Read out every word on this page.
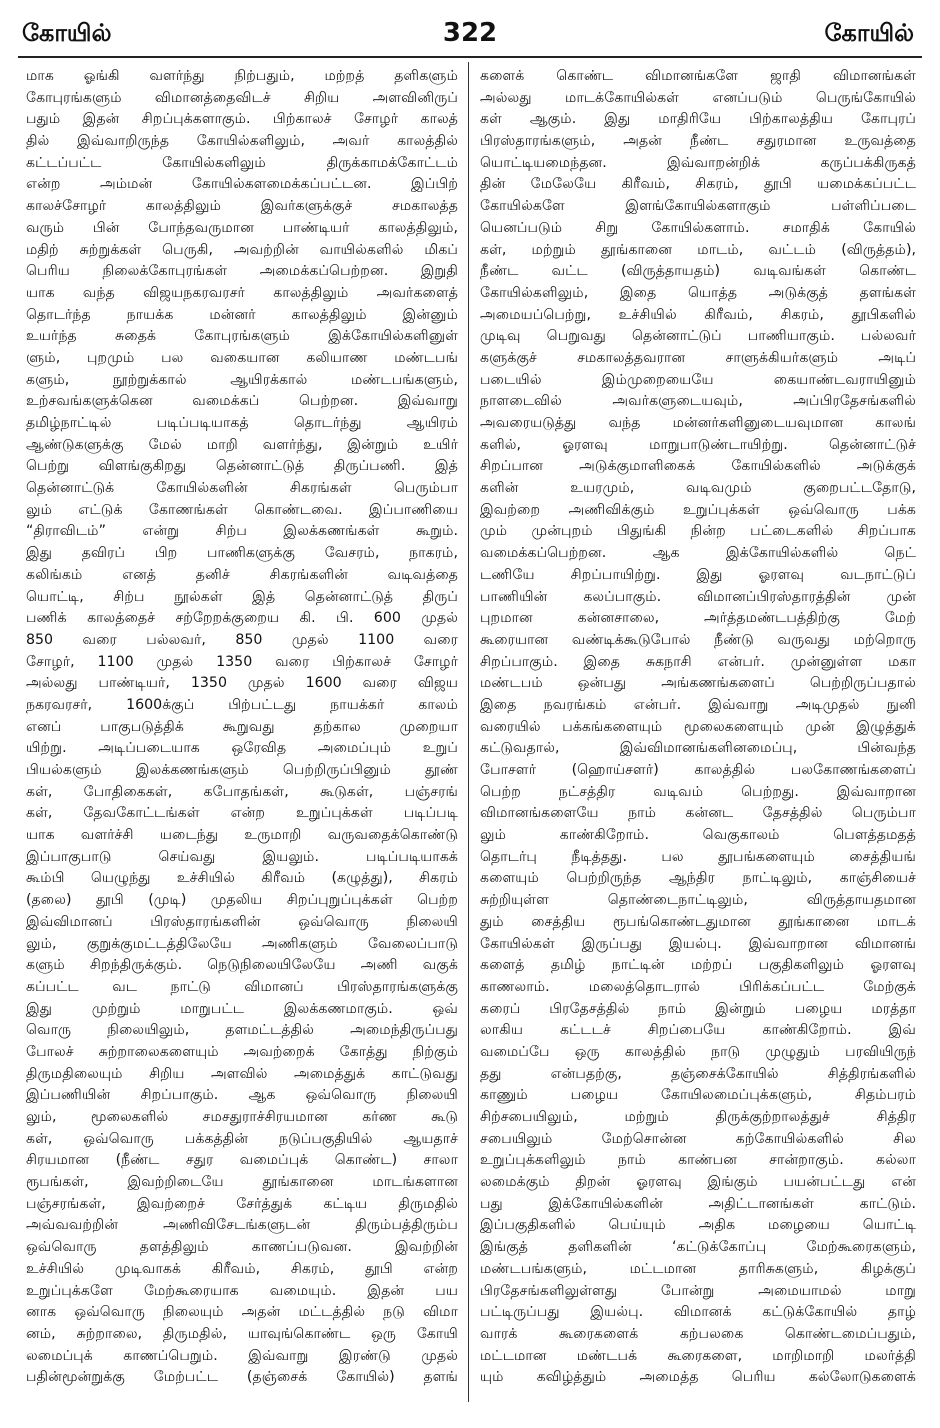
கோயில்	322	கோயில்
மாக ஓங்கி வளர்ந்து நிற்பதும், மற்றத் தளிகளும்
கோபுரங்களும் விமானத்தைவிடச் சிறிய அளவினிருப்
பதும் இதன் சிறப்புக்களாகும். பிற்காலச் சோழர் காலத்
தில் இவ்வாறிருந்த கோயில்களிலும், அவர் காலத்தில்
கட்டப்பட்ட கோயில்களிலும் திருக்காமக்கோட்டம்
என்ற அம்மன் கோயில்களமைக்கப்பட்டன. இப்பிற்
காலச்சோழர் காலத்திலும் இவர்களுக்குச் சமகாலத்த
வரும் பின் போந்தவருமான பாண்டியர் காலத்திலும்,
மதிற் சுற்றுக்கள் பெருகி, அவற்றின் வாயில்களில் மிகப்
பெரிய நிலைக்கோபுரங்கள் அமைக்கப்பெற்றன. இறுதி
யாக வந்த விஜயநகரவரசர் காலத்திலும் அவர்களைத்
தொடர்ந்த நாயக்க மன்னர் காலத்திலும் இன்னும்
உயர்ந்த சுதைக் கோபுரங்களும் இக்கோயில்களினுள்
ளும், புறமும் பல வகையான கலியாண மண்டபங்
களும், நூற்றுக்கால் ஆயிரக்கால் மண்டபங்களும்,
உற்சவங்களுக்கென வமைக்கப் பெற்றன. இவ்வாறு
தமிழ்நாட்டில் படிப்படியாகத் தொடர்ந்து ஆயிரம்
ஆண்டுகளுக்கு மேல் மாறி வளர்ந்து, இன்றும் உயிர்
பெற்று விளங்குகிறது தென்னாட்டுத் திருப்பணி. இத்
தென்னாட்டுக் கோயில்களின் சிகரங்கள் பெரும்பா
லும் எட்டுக் கோணங்கள் கொண்டவை. இப்பாணியை
“திராவிடம்” என்று சிற்ப இலக்கணங்கள் கூறும்.
இது தவிரப் பிற பாணிகளுக்கு வேசரம், நாகரம்,
கலிங்கம் எனத் தனிச் சிகரங்களின் வடிவத்தை
யொட்டி, சிற்ப நூல்கள் இத் தென்னாட்டுத் திருப்
பணிக் காலத்தைச் சற்றேறக்குறைய கி. பி. 600 முதல்
850 வரை பல்லவர், 850 முதல் 1100 வரை
சோழர், 1100 முதல் 1350 வரை பிற்காலச் சோழர்
அல்லது பாண்டியர், 1350 முதல் 1600 வரை விஜய
நகரவரசர், 1600க்குப் பிற்பட்டது நாயக்கர் காலம்
எனப் பாகுபடுத்திக் கூறுவது தற்கால முறையா
யிற்று. அடிப்படையாக ஒரேவித அமைப்பும் உறுப்
பியல்களும் இலக்கணங்களும் பெற்றிருப்பினும் தூண்
கள், போதிகைகள், கபோதங்கள், கூடுகள், பஞ்சரங்
கள், தேவகோட்டங்கள் என்ற உறுப்புக்கள் படிப்படி
யாக வளர்ச்சி யடைந்து உருமாறி வருவதைக்கொண்டு
இப்பாகுபாடு செய்வது இயலும். படிப்படியாகக்
கூம்பி யெழுந்து உச்சியில் கிரீவம் (கழுத்து), சிகரம்
(தலை) தூபி (முடி) முதலிய சிறப்புறுப்புக்கள் பெற்ற
இவ்விமானப் பிரஸ்தாரங்களின் ஒவ்வொரு நிலையி
லும், குறுக்குமட்டத்திலேயே அணிகளும் வேலைப்பாடு
களும் சிறந்திருக்கும். நெடுநிலையிலேயே அணி வகுக்
கப்பட்ட வட நாட்டு விமானப் பிரஸ்தாரங்களுக்கு
இது முற்றும் மாறுபட்ட இலக்கணமாகும். ஒவ்
வொரு நிலையிலும், தளமட்டத்தில் அமைந்திருப்பது
போலச் சுற்றாலைகளையும் அவற்றைக் கோத்து நிற்கும்
திருமதிலையும் சிறிய அளவில் அமைத்துக் காட்டுவது
இப்பணியின் சிறப்பாகும். ஆக ஒவ்வொரு நிலையி
லும், மூலைகளில் சமசதுராச்சிரயமான கர்ண கூடு
கள், ஒவ்வொரு பக்கத்தின் நடுப்பகுதியில் ஆயதாச்
சிரயமான (நீண்ட சதுர வமைப்புக் கொண்ட) சாலா
ரூபங்கள், இவற்றிடையே தூங்கானை மாடங்களான
பஞ்சரங்கள், இவற்றைச் சேர்த்துக் கட்டிய திருமதில்
அவ்வவற்றின் அணிவிசேடங்களுடன் திரும்பத்திரும்ப
ஒவ்வொரு தளத்திலும் காணப்படுவன. இவற்றின்
உச்சியில் முடிவாகக் கிரீவம், சிகரம், தூபி என்ற
உறுப்புக்களே மேற்கூரையாக வமையும். இதன் பய
னாக ஒவ்வொரு நிலையும் அதன் மட்டத்தில் நடு விமா
னம், சுற்றாலை, திருமதில், யாவுங்கொண்ட ஒரு கோயி
லமைப்புக் காணப்பெறும். இவ்வாறு இரண்டு முதல்
பதின்மூன்றுக்கு மேற்பட்ட (தஞ்சைக் கோயில்) தளங்
களைக் கொண்ட விமானங்களே ஜாதி விமானங்கள்
அல்லது மாடக்கோயில்கள் எனப்படும் பெருங்கோயில்
கள் ஆகும். இது மாதிரியே பிற்காலத்திய கோபுரப்
பிரஸ்தாரங்களும், அதன் நீண்ட சதுரமான உருவத்தை
யொட்டியமைந்தன. இவ்வாறன்றிக் கருப்பக்கிருகத்
தின் மேலேயே கிரீவம், சிகரம், தூபி யமைக்கப்பட்ட
கோயில்களே இளங்கோயில்களாகும் பள்ளிப்படை
யெனப்படும் சிறு கோயில்களாம். சமாதிக் கோயில்
கள், மற்றும் தூங்கானை மாடம், வட்டம் (விருத்தம்),
நீண்ட வட்ட (விருத்தாயதம்) வடிவங்கள் கொண்ட
கோயில்களிலும், இதை யொத்த அடுக்குத் தளங்கள்
அமையப்பெற்று, உச்சியில் கிரீவம், சிகரம், தூபிகளில்
முடிவு பெறுவது தென்னாட்டுப் பாணியாகும். பல்லவர்
களுக்குச் சமகாலத்தவரான சாளுக்கியர்களும் அடிப்
படையில் இம்முறையையே கையாண்டவராயினும்
நாளடைவில் அவர்களுடையவும், அப்பிரதேசங்களில்
அவரையடுத்து வந்த மன்னர்களினுடையவுமான காலங்
களில், ஓரளவு மாறுபாடுண்டாயிற்று. தென்னாட்டுச்
சிறப்பான அடுக்குமாளிகைக் கோயில்களில் அடுக்குக்
களின் உயரமும், வடிவமும் குறைபட்டதோடு,
இவற்றை அணிவிக்கும் உறுப்புக்கள் ஒவ்வொரு பக்க
மும் முன்புறம் பிதுங்கி நின்ற பட்டைகளில் சிறப்பாக
வமைக்கப்பெற்றன. ஆக இக்கோயில்களில் நெட்
டணியே சிறப்பாயிற்று. இது ஓரளவு வடநாட்டுப்
பாணியின் கலப்பாகும். விமானப்பிரஸ்தாரத்தின் முன்
புறமான கன்னசாலை, அர்த்தமண்டபத்திற்கு மேற்
கூரையான வண்டிக்கூடுபோல் நீண்டு வருவது மற்றொரு
சிறப்பாகும். இதை சுகநாசி என்பர். முன்னுள்ள மகா
மண்டபம் ஒன்பது அங்கணங்களைப் பெற்றிருப்பதால்
இதை நவரங்கம் என்பர். இவ்வாறு அடிமுதல் நுனி
வரையில் பக்கங்களையும் மூலைகளையும் முன் இழுத்துக்
கட்டுவதால், இவ்விமானங்களினமைப்பு, பின்வந்த
போசளர் (ஹொய்சளர்) காலத்தில் பலகோணங்களைப்
பெற்ற நட்சத்திர வடிவம் பெற்றது. இவ்வாறான
விமானங்களையே நாம் கன்னட தேசத்தில் பெரும்பா
லும் காண்கிறோம். வெகுகாலம் பௌத்தமதத்
தொடர்பு நீடித்தது. பல தூபங்களையும் சைத்தியங்
களையும் பெற்றிருந்த ஆந்திர நாட்டிலும், காஞ்சியைச்
சுற்றியுள்ள தொண்டைநாட்டிலும், விருத்தாயதமான
தும் சைத்திய ரூபங்கொண்டதுமான தூங்கானை மாடக்
கோயில்கள் இருப்பது இயல்பு. இவ்வாறான விமானங்
களைத் தமிழ் நாட்டின் மற்றப் பகுதிகளிலும் ஓரளவு
காணலாம். மலைத்தொடரால் பிரிக்கப்பட்ட மேற்குக்
கரைப் பிரதேசத்தில் நாம் இன்றும் பழைய மரத்தா
லாகிய கட்டடச் சிறப்பையே காண்கிறோம். இவ்
வமைப்பே ஒரு காலத்தில் நாடு முழுதும் பரவியிருந்
தது என்பதற்கு, தஞ்சைக்கோயில் சித்திரங்களில்
காணும் பழைய கோயிலமைப்புக்களும், சிதம்பரம்
சிற்சபையிலும், மற்றும் திருக்குற்றாலத்துச் சித்திர
சபையிலும் மேற்சொன்ன கற்கோயில்களில் சில
உறுப்புக்களிலும் நாம் காண்பன சான்றாகும். கல்லா
லமைக்கும் திறன் ஓரளவு இங்கும் பயன்பட்டது என்
பது இக்கோயில்களின் அதிட்டானங்கள் காட்டும்.
இப்பகுதிகளில் பெய்யும் அதிக மழையை யொட்டி
இங்குத் தளிகளின் ‘கட்டுக்கோப்பு மேற்கூரைகளும்,
மண்டபங்களும், மட்டமான தாரிசுகளும், கிழக்குப்
பிரதேசங்களிலுள்ளது போன்று அமையாமல் மாறு
பட்டிருப்பது இயல்பு. விமானக் கட்டுக்கோயில் தாழ்
வாரக் கூரைகளைக் கற்பலகை கொண்டமைப்பதும்,
மட்டமான மண்டபக் கூரைகளை, மாறிமாறி மலர்த்தி
யும் கவிழ்த்தும் அமைத்த பெரிய கல்லோடுகளைக்
